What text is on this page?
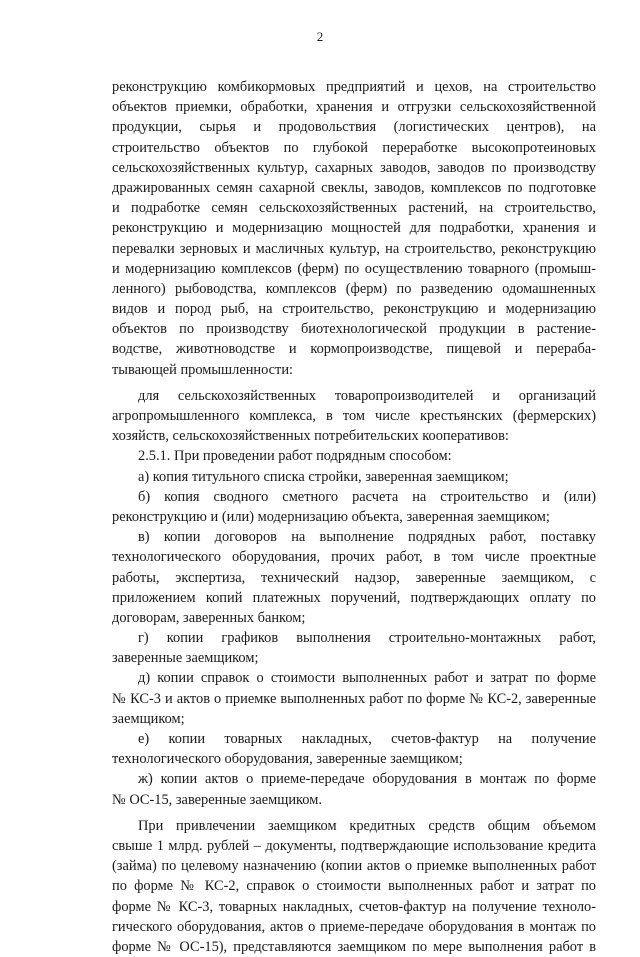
2
реконструкцию комбикормовых предприятий и цехов, на строительство
объектов приемки, обработки, хранения и отгрузки сельскохозяйственной
продукции, сырья и продовольствия (логистических центров), на
строительство объектов по глубокой переработке высокопротеиновых
сельскохозяйственных культур, сахарных заводов, заводов по производству
дражированных семян сахарной свеклы, заводов, комплексов по подготовке
и подработке семян сельскохозяйственных растений, на строительство,
реконструкцию и модернизацию мощностей для подработки, хранения и
перевалки зерновых и масличных культур, на строительство, реконструкцию
и модернизацию комплексов (ферм) по осуществлению товарного (промыш-
ленного) рыбоводства, комплексов (ферм) по разведению одомашненных
видов и пород рыб, на строительство, реконструкцию и модернизацию
объектов по производству биотехнологической продукции в растение-
водстве, животноводстве и кормопроизводстве, пищевой и перераба-
тывающей промышленности:
для сельскохозяйственных товаропроизводителей и организаций
агропромышленного комплекса, в том числе крестьянских (фермерских)
хозяйств, сельскохозяйственных потребительских кооперативов:
2.5.1. При проведении работ подрядным способом:
а) копия титульного списка стройки, заверенная заемщиком;
б) копия сводного сметного расчета на строительство и (или)
реконструкцию и (или) модернизацию объекта, заверенная заемщиком;
в) копии договоров на выполнение подрядных работ, поставку
технологического оборудования, прочих работ, в том числе проектные
работы, экспертиза, технический надзор, заверенные заемщиком, с
приложением копий платежных поручений, подтверждающих оплату по
договорам, заверенных банком;
г) копии графиков выполнения строительно-монтажных работ,
заверенные заемщиком;
д) копии справок о стоимости выполненных работ и затрат по форме
№ КС-3 и актов о приемке выполненных работ по форме № КС-2, заверенные
заемщиком;
е) копии товарных накладных, счетов-фактур на получение
технологического оборудования, заверенные заемщиком;
ж) копии актов о приеме-передаче оборудования в монтаж по форме
№ ОС-15, заверенные заемщиком.
При привлечении заемщиком кредитных средств общим объемом
свыше 1 млрд. рублей – документы, подтверждающие использование кредита
(займа) по целевому назначению (копии актов о приемке выполненных работ
по форме № КС-2, справок о стоимости выполненных работ и затрат по
форме № КС-3, товарных накладных, счетов-фактур на получение техноло-
гического оборудования, актов о приеме-передаче оборудования в монтаж по
форме № ОС-15), представляются заемщиком по мере выполнения работ в
